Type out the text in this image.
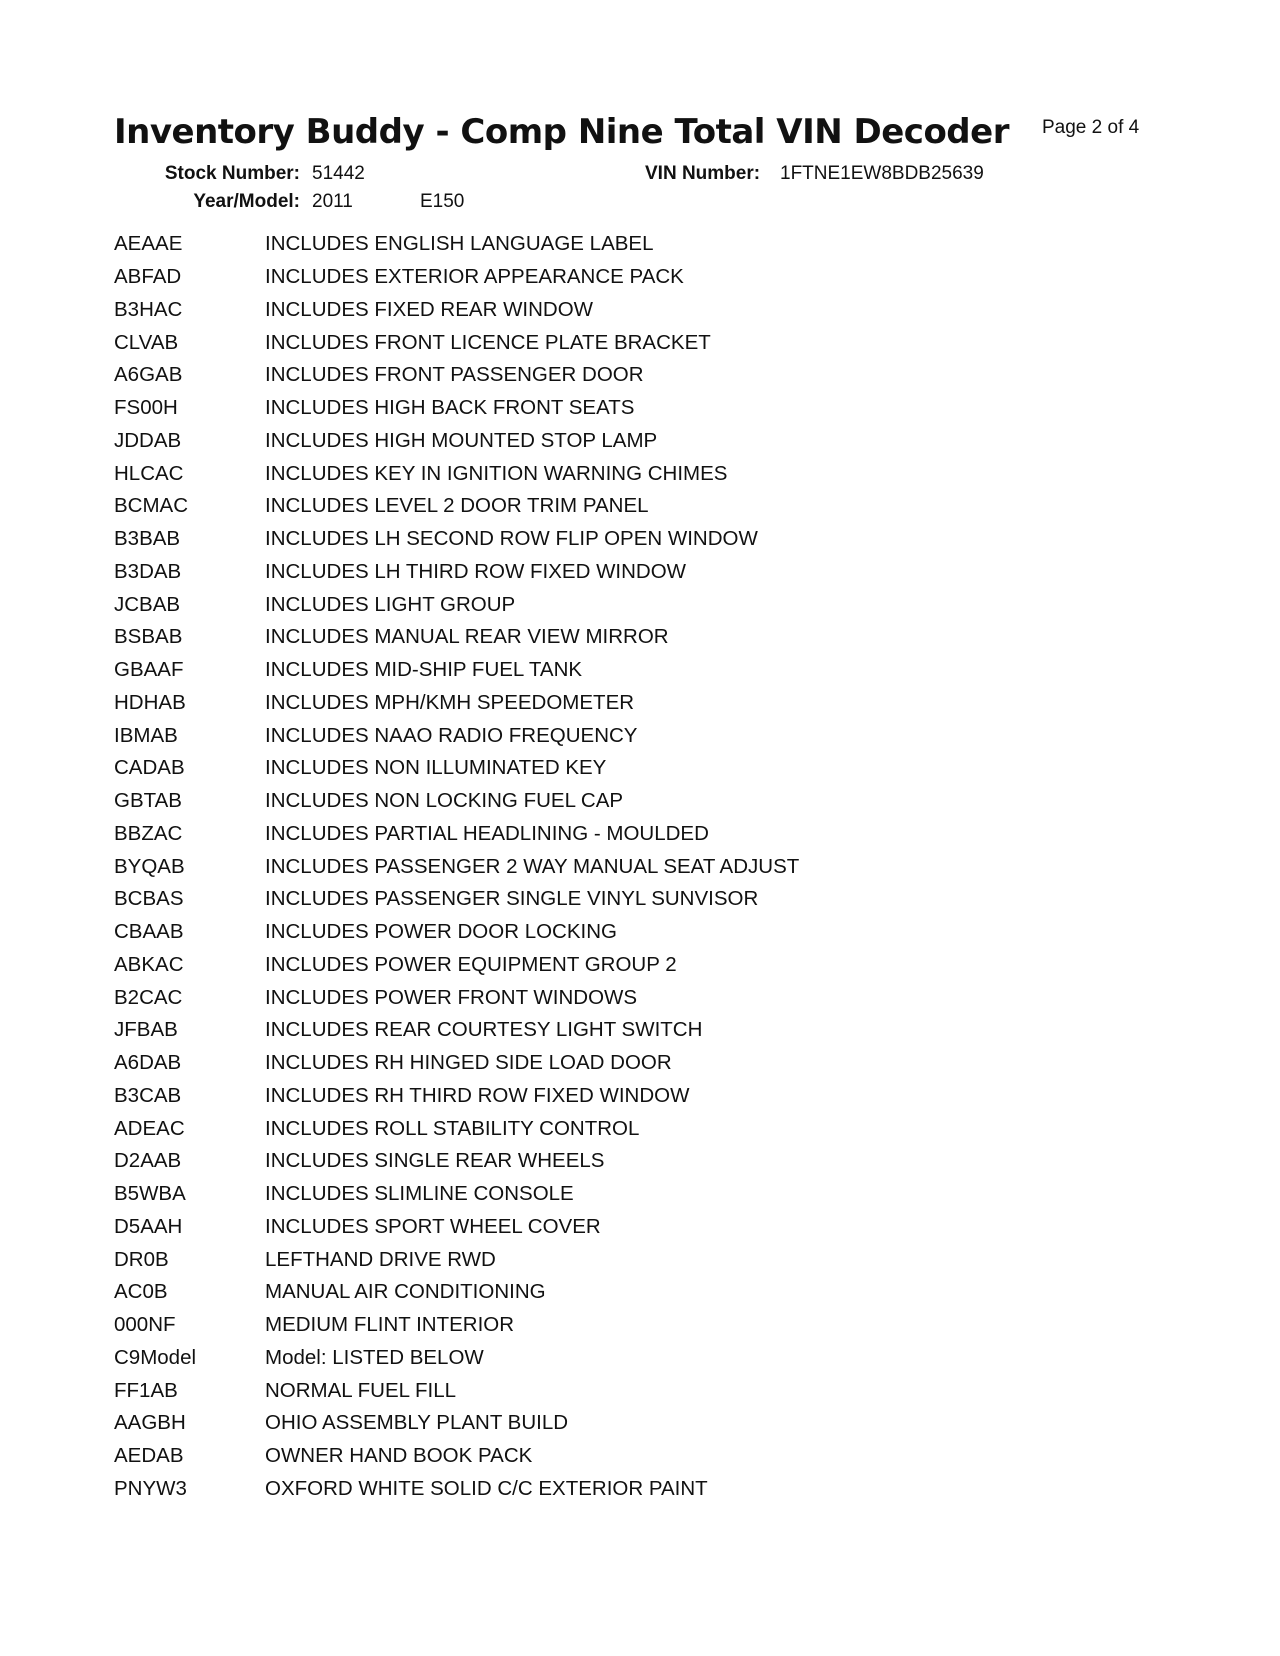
Inventory Buddy - Comp Nine Total VIN Decoder Page 2 of 4
Stock Number: 51442	VIN Number: 1FTNE1EW8BDB25639
Year/Model: 2011	E150
AEAAE	INCLUDES ENGLISH LANGUAGE LABEL
ABFAD	INCLUDES EXTERIOR APPEARANCE PACK
B3HAC	INCLUDES FIXED REAR WINDOW
CLVAB	INCLUDES FRONT LICENCE PLATE BRACKET
A6GAB	INCLUDES FRONT PASSENGER DOOR
FS00H	INCLUDES HIGH BACK FRONT SEATS
JDDAB	INCLUDES HIGH MOUNTED STOP LAMP
HLCAC	INCLUDES KEY IN IGNITION WARNING CHIMES
BCMAC	INCLUDES LEVEL 2 DOOR TRIM PANEL
B3BAB	INCLUDES LH SECOND ROW FLIP OPEN WINDOW
B3DAB	INCLUDES LH THIRD ROW FIXED WINDOW
JCBAB	INCLUDES LIGHT GROUP
BSBAB	INCLUDES MANUAL REAR VIEW MIRROR
GBAAF	INCLUDES MID-SHIP FUEL TANK
HDHAB	INCLUDES MPH/KMH SPEEDOMETER
IBMAB	INCLUDES NAAO RADIO FREQUENCY
CADAB	INCLUDES NON ILLUMINATED KEY
GBTAB	INCLUDES NON LOCKING FUEL CAP
BBZAC	INCLUDES PARTIAL HEADLINING - MOULDED
BYQAB	INCLUDES PASSENGER 2 WAY MANUAL SEAT ADJUST
BCBAS	INCLUDES PASSENGER SINGLE VINYL SUNVISOR
CBAAB	INCLUDES POWER DOOR LOCKING
ABKAC	INCLUDES POWER EQUIPMENT GROUP 2
B2CAC	INCLUDES POWER FRONT WINDOWS
JFBAB	INCLUDES REAR COURTESY LIGHT SWITCH
A6DAB	INCLUDES RH HINGED SIDE LOAD DOOR
B3CAB	INCLUDES RH THIRD ROW FIXED WINDOW
ADEAC	INCLUDES ROLL STABILITY CONTROL
D2AAB	INCLUDES SINGLE REAR WHEELS
B5WBA	INCLUDES SLIMLINE CONSOLE
D5AAH	INCLUDES SPORT WHEEL COVER
DR0B	LEFTHAND DRIVE RWD
AC0B	MANUAL AIR CONDITIONING
000NF	MEDIUM FLINT INTERIOR
C9Model	Model: LISTED BELOW
FF1AB	NORMAL FUEL FILL
AAGBH	OHIO ASSEMBLY PLANT BUILD
AEDAB	OWNER HAND BOOK PACK
PNYW3	OXFORD WHITE SOLID C/C EXTERIOR PAINT
